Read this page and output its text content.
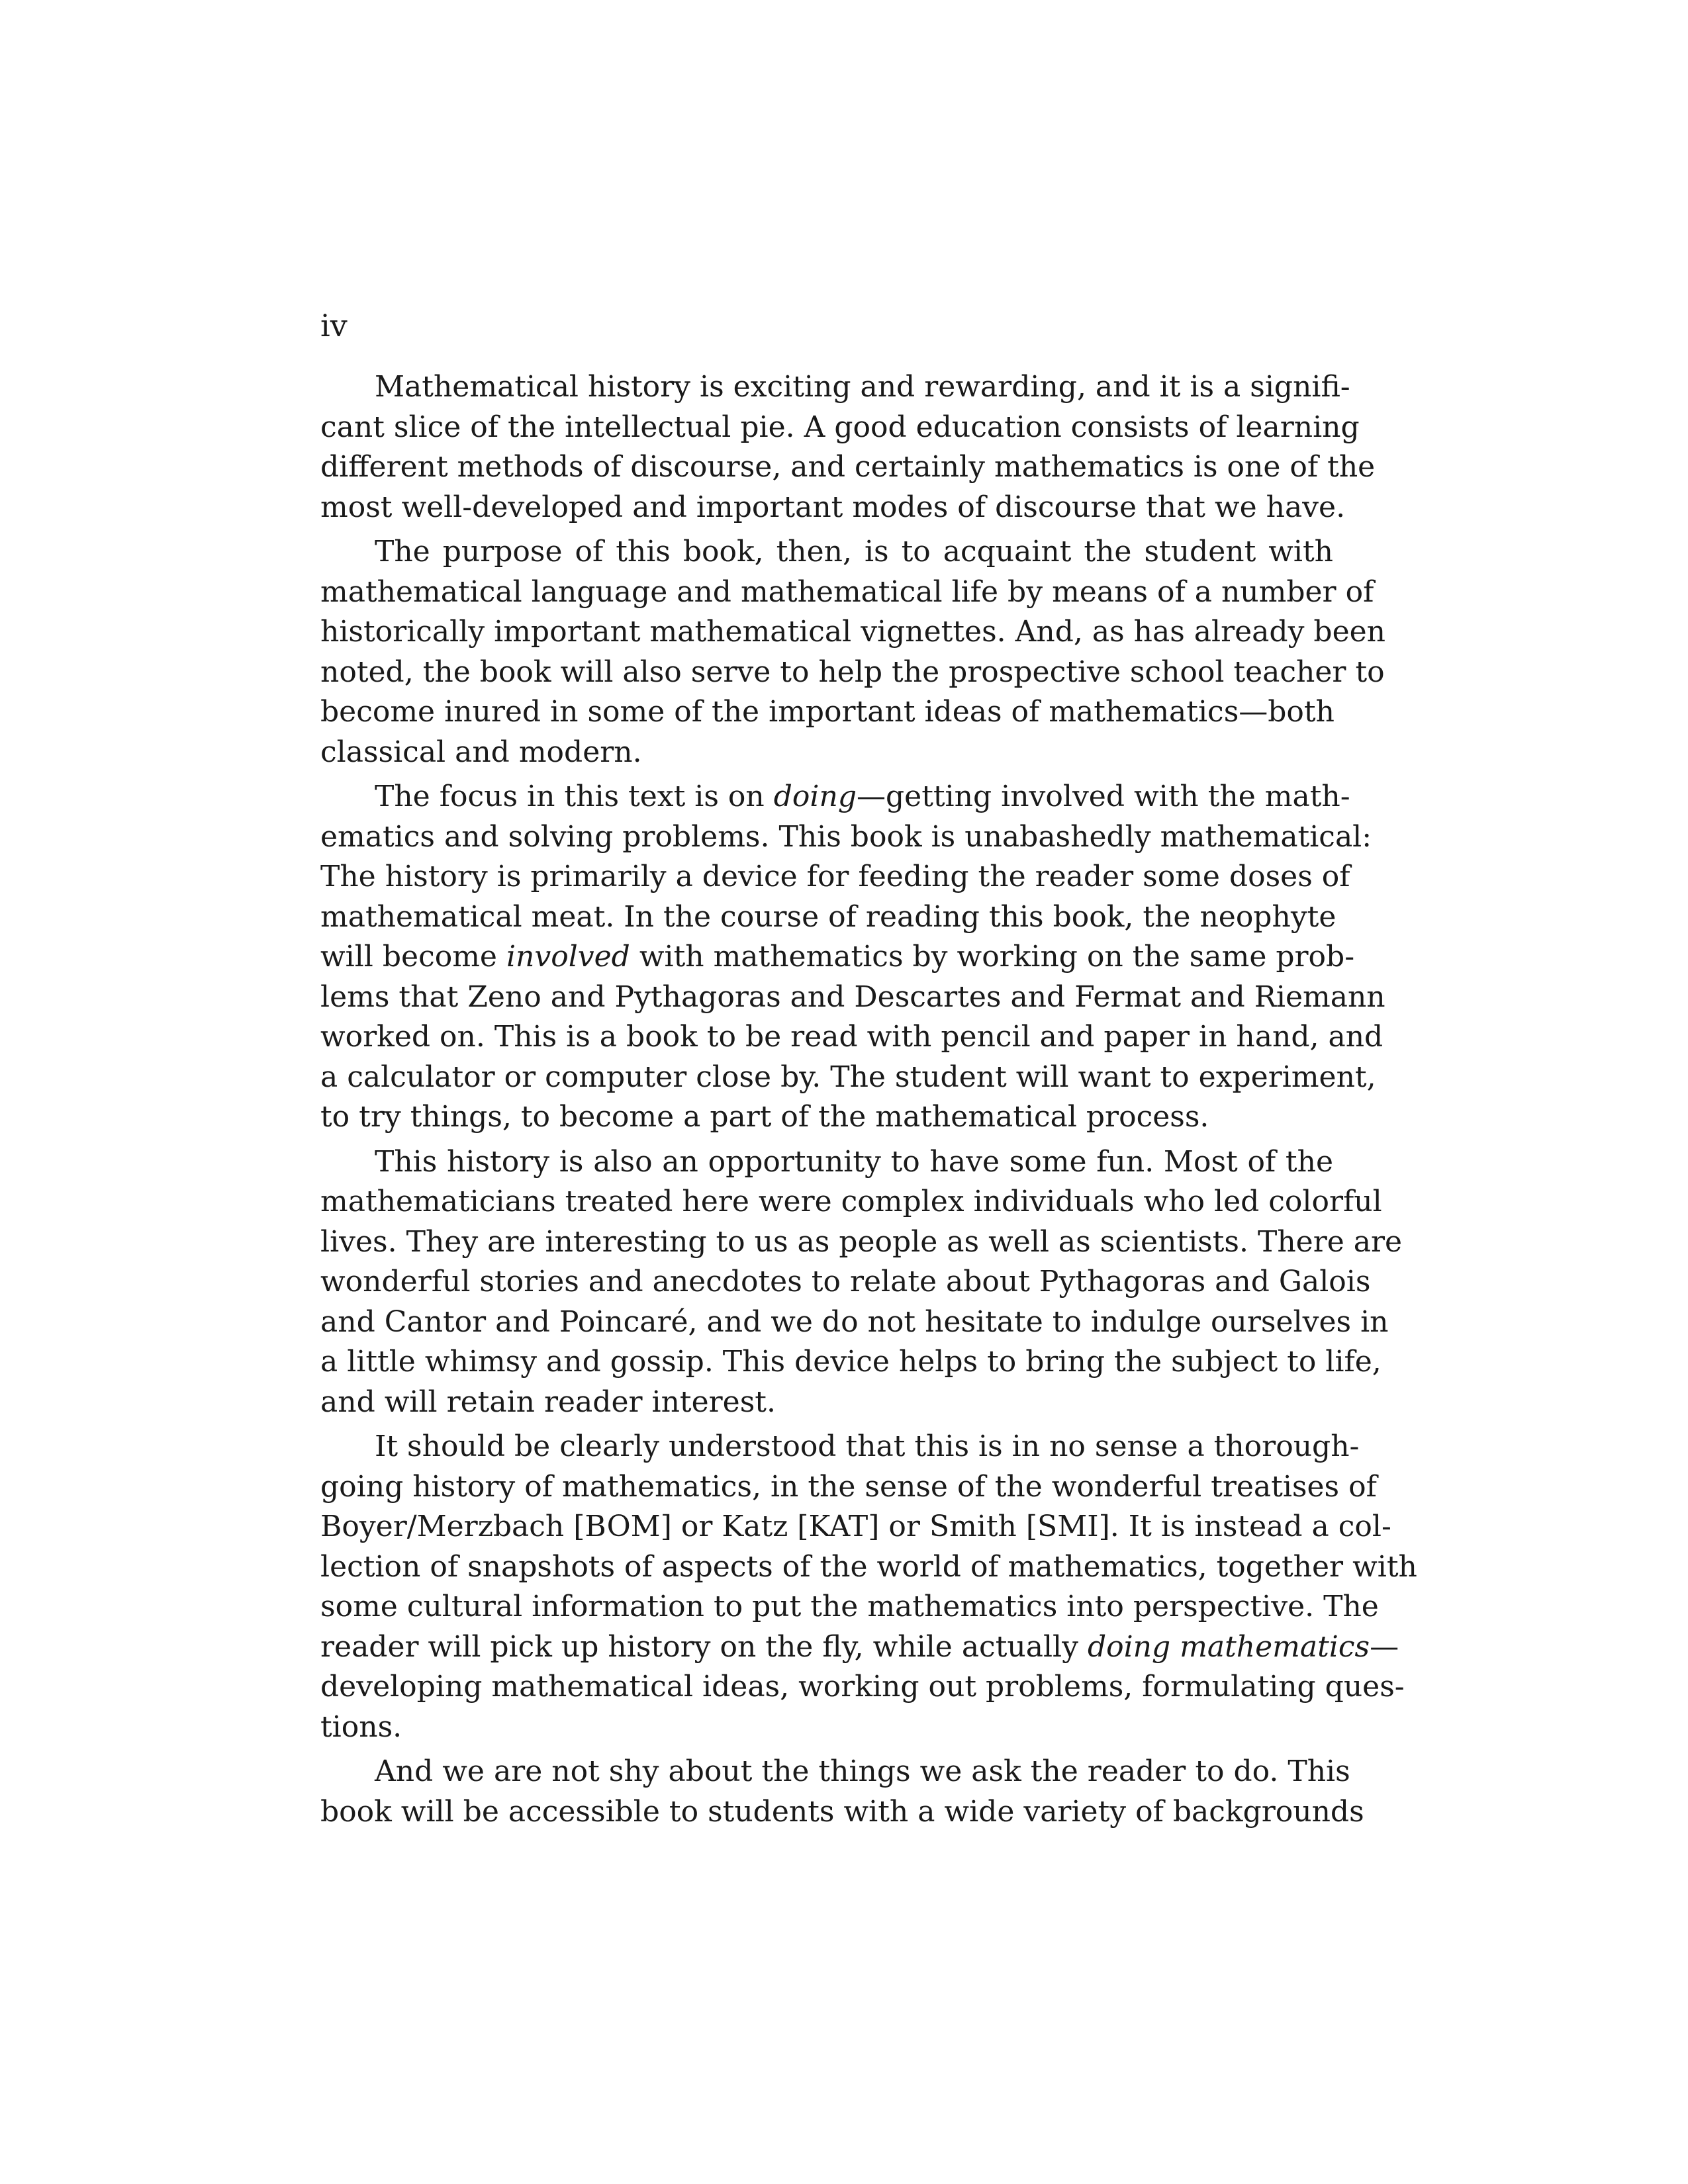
iv
Mathematical history is exciting and rewarding, and it is a signifi-
cant slice of the intellectual pie. A good education consists of learning
different methods of discourse, and certainly mathematics is one of the
most well-developed and important modes of discourse that we have.
The purpose of this book, then, is to acquaint the student with
mathematical language and mathematical life by means of a number of
historically important mathematical vignettes. And, as has already been
noted, the book will also serve to help the prospective school teacher to
become inured in some of the important ideas of mathematics—both
classical and modern.
The focus in this text is on doing—getting involved with the math-
ematics and solving problems. This book is unabashedly mathematical:
The history is primarily a device for feeding the reader some doses of
mathematical meat. In the course of reading this book, the neophyte
will become involved with mathematics by working on the same prob-
lems that Zeno and Pythagoras and Descartes and Fermat and Riemann
worked on. This is a book to be read with pencil and paper in hand, and
a calculator or computer close by. The student will want to experiment,
to try things, to become a part of the mathematical process.
This history is also an opportunity to have some fun. Most of the
mathematicians treated here were complex individuals who led colorful
lives. They are interesting to us as people as well as scientists. There are
wonderful stories and anecdotes to relate about Pythagoras and Galois
and Cantor and Poincaré, and we do not hesitate to indulge ourselves in
a little whimsy and gossip. This device helps to bring the subject to life,
and will retain reader interest.
It should be clearly understood that this is in no sense a thorough-
going history of mathematics, in the sense of the wonderful treatises of
Boyer/Merzbach [BOM] or Katz [KAT] or Smith [SMI]. It is instead a col-
lection of snapshots of aspects of the world of mathematics, together with
some cultural information to put the mathematics into perspective. The
reader will pick up history on the fly, while actually doing mathematics—
developing mathematical ideas, working out problems, formulating ques-
tions.
And we are not shy about the things we ask the reader to do. This
book will be accessible to students with a wide variety of backgrounds
